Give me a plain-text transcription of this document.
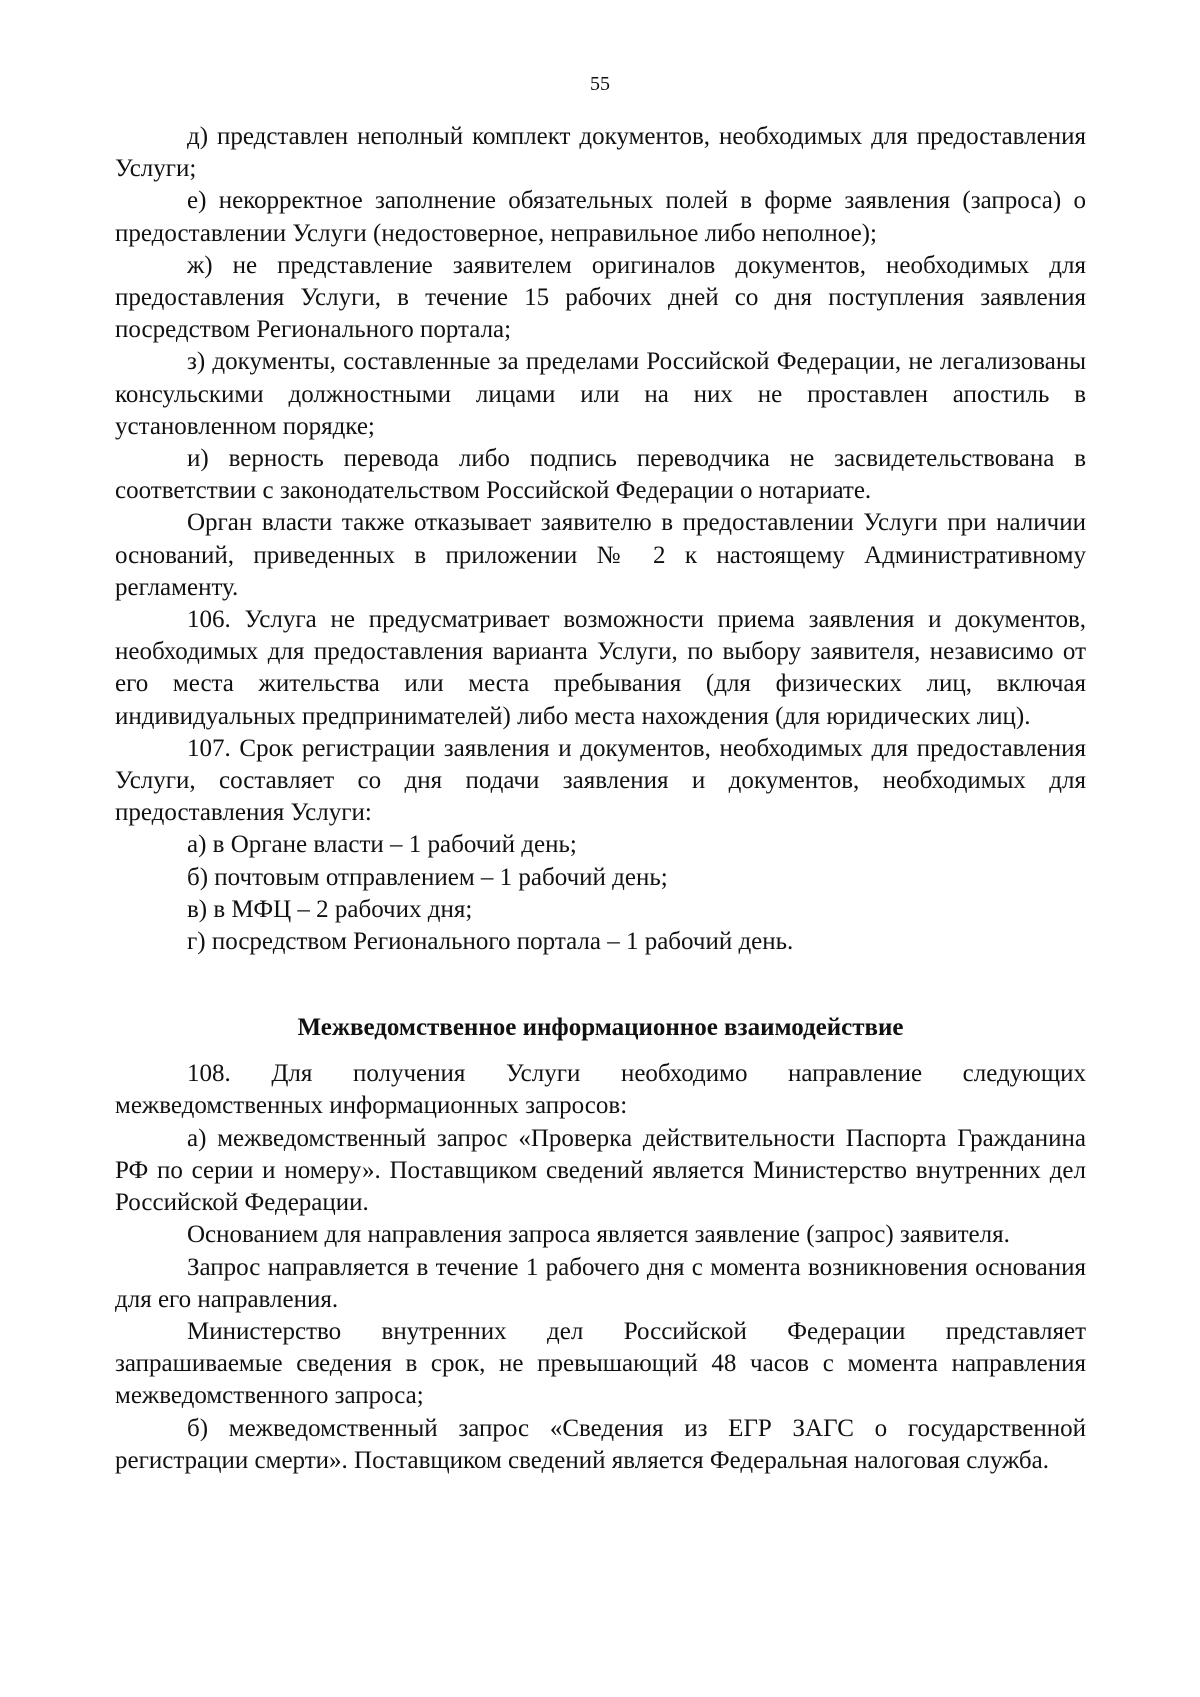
55

д) представлен неполный комплект документов, необходимых для предоставления Услуги;

е) некорректное заполнение обязательных полей в форме заявления (запроса) о предоставлении Услуги (недостоверное, неправильное либо неполное);

ж) не представление заявителем оригиналов документов, необходимых для предоставления Услуги, в течение 15 рабочих дней со дня поступления заявления посредством Регионального портала;

з) документы, составленные за пределами Российской Федерации, не легализованы консульскими должностными лицами или на них не проставлен апостиль в установленном порядке;

и) верность перевода либо подпись переводчика не засвидетельствована в соответствии с законодательством Российской Федерации о нотариате.

Орган власти также отказывает заявителю в предоставлении Услуги при наличии оснований, приведенных в приложении № 2 к настоящему Административному регламенту.

106. Услуга не предусматривает возможности приема заявления и документов, необходимых для предоставления варианта Услуги, по выбору заявителя, независимо от его места жительства или места пребывания (для физических лиц, включая индивидуальных предпринимателей) либо места нахождения (для юридических лиц).

107. Срок регистрации заявления и документов, необходимых для предоставления Услуги, составляет со дня подачи заявления и документов, необходимых для предоставления Услуги:

а) в Органе власти – 1 рабочий день;

б) почтовым отправлением – 1 рабочий день;

в) в МФЦ – 2 рабочих дня;

г) посредством Регионального портала – 1 рабочий день.

Межведомственное информационное взаимодействие

108. Для получения Услуги необходимо направление следующих межведомственных информационных запросов:

а) межведомственный запрос «Проверка действительности Паспорта Гражданина РФ по серии и номеру». Поставщиком сведений является Министерство внутренних дел Российской Федерации.

Основанием для направления запроса является заявление (запрос) заявителя.

Запрос направляется в течение 1 рабочего дня с момента возникновения основания для его направления.

Министерство внутренних дел Российской Федерации представляет запрашиваемые сведения в срок, не превышающий 48 часов с момента направления межведомственного запроса;

б) межведомственный запрос «Сведения из ЕГР ЗАГС о государственной регистрации смерти». Поставщиком сведений является Федеральная налоговая служба.
